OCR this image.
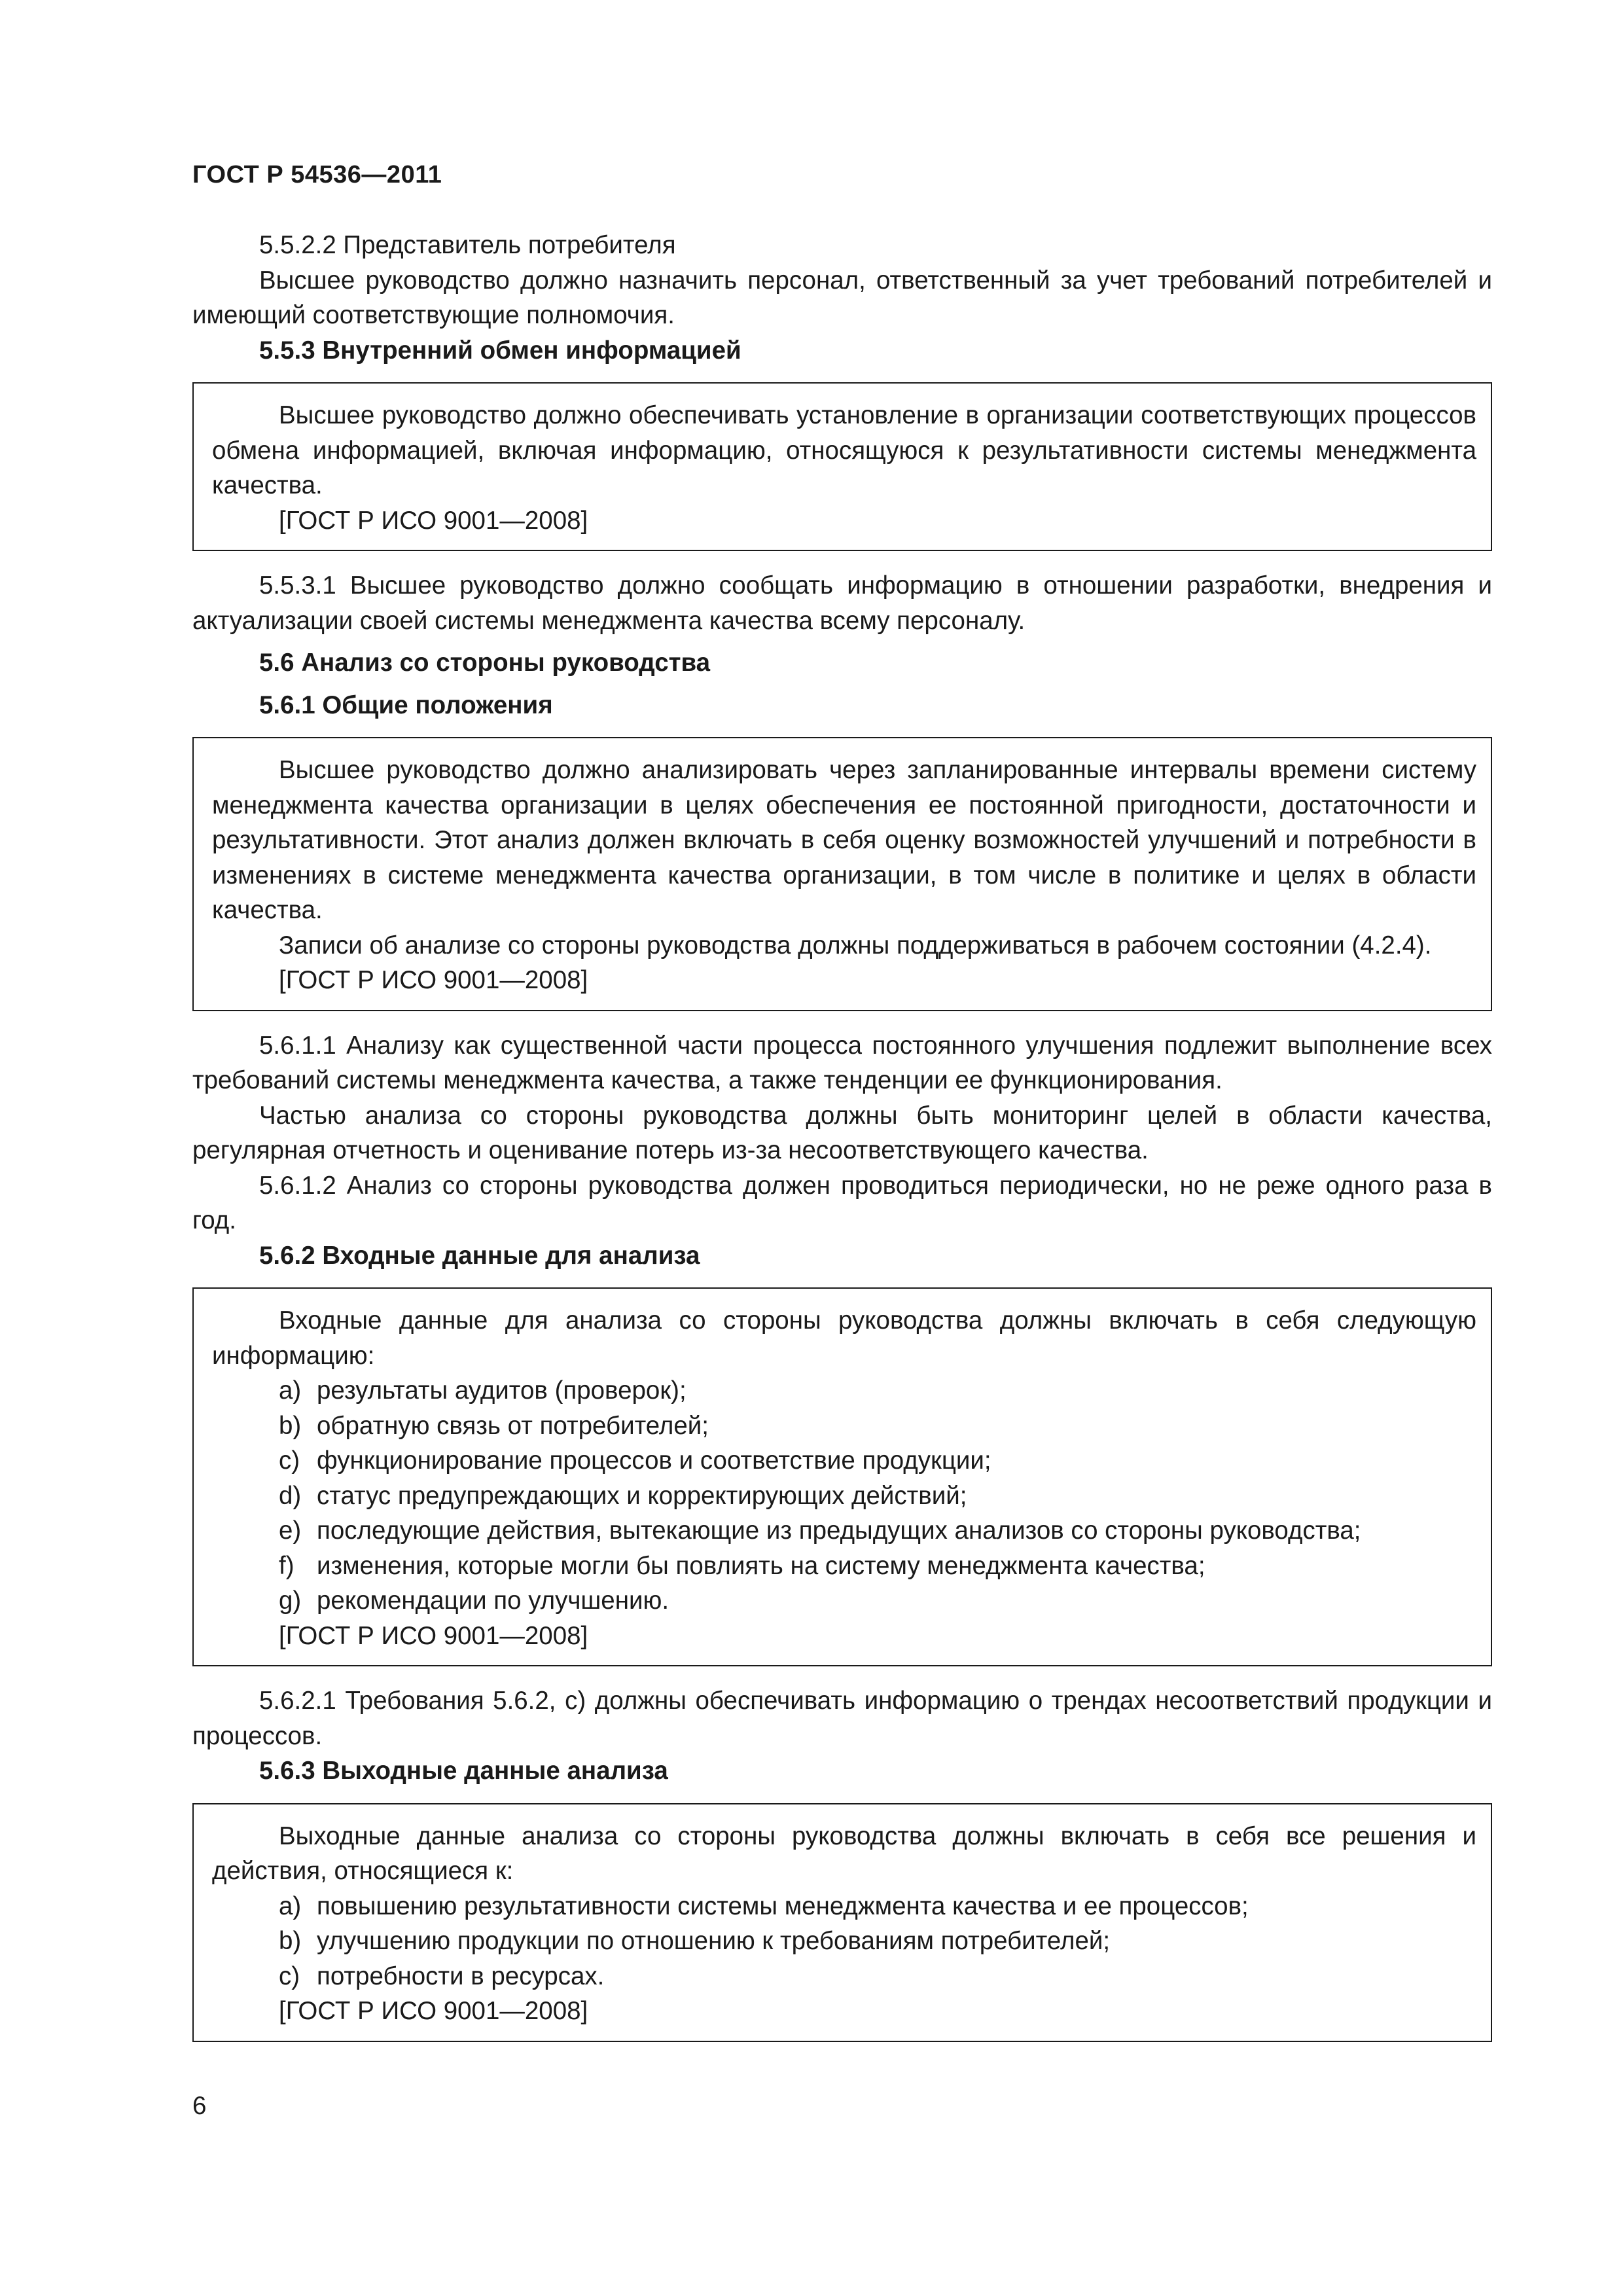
ГОСТ Р 54536—2011

5.5.2.2 Представитель потребителя

Высшее руководство должно назначить персонал, ответственный за учет требований потребителей и имеющий соответствующие полномочия.

5.5.3 Внутренний обмен информацией

Высшее руководство должно обеспечивать установление в организации соответствующих процессов обмена информацией, включая информацию, относящуюся к результативности системы менеджмента качества.

[ГОСТ Р ИСО 9001—2008]

5.5.3.1 Высшее руководство должно сообщать информацию в отношении разработки, внедрения и актуализации своей системы менеджмента качества всему персоналу.

5.6 Анализ со стороны руководства

5.6.1 Общие положения

Высшее руководство должно анализировать через запланированные интервалы времени систему менеджмента качества организации в целях обеспечения ее постоянной пригодности, достаточности и результативности. Этот анализ должен включать в себя оценку возможностей улучшений и потребности в изменениях в системе менеджмента качества организации, в том числе в политике и целях в области качества.

Записи об анализе со стороны руководства должны поддерживаться в рабочем состоянии (4.2.4).

[ГОСТ Р ИСО 9001—2008]

5.6.1.1 Анализу как существенной части процесса постоянного улучшения подлежит выполнение всех требований системы менеджмента качества, а также тенденции ее функционирования.

Частью анализа со стороны руководства должны быть мониторинг целей в области качества, регулярная отчетность и оценивание потерь из-за несоответствующего качества.

5.6.1.2 Анализ со стороны руководства должен проводиться периодически, но не реже одного раза в год.

5.6.2 Входные данные для анализа

Входные данные для анализа со стороны руководства должны включать в себя следующую информацию:

a) результаты аудитов (проверок);

b) обратную связь от потребителей;

c) функционирование процессов и соответствие продукции;

d) статус предупреждающих и корректирующих действий;

e) последующие действия, вытекающие из предыдущих анализов со стороны руководства;

f) изменения, которые могли бы повлиять на систему менеджмента качества;

g) рекомендации по улучшению.

[ГОСТ Р ИСО 9001—2008]

5.6.2.1 Требования 5.6.2, с) должны обеспечивать информацию о трендах несоответствий продукции и процессов.

5.6.3 Выходные данные анализа

Выходные данные анализа со стороны руководства должны включать в себя все решения и действия, относящиеся к:

a) повышению результативности системы менеджмента качества и ее процессов;

b) улучшению продукции по отношению к требованиям потребителей;

c) потребности в ресурсах.

[ГОСТ Р ИСО 9001—2008]

6
